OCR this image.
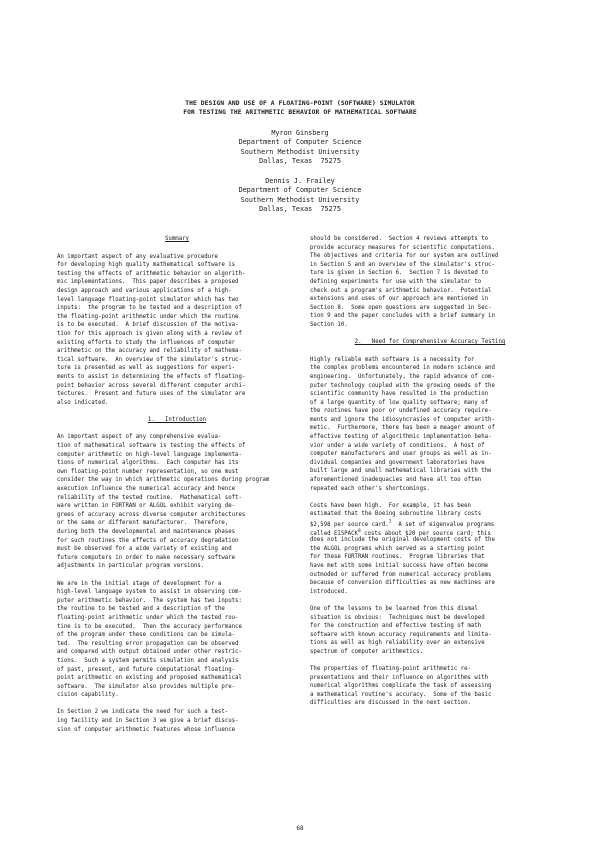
THE DESIGN AND USE OF A FLOATING-POINT (SOFTWARE) SIMULATOR
FOR TESTING THE ARITHMETIC BEHAVIOR OF MATHEMATICAL SOFTWARE
Myron Ginsberg
Department of Computer Science
Southern Methodist University
Dallas, Texas  75275
Dennis J. Frailey
Department of Computer Science
Southern Methodist University
Dallas, Texas  75275
Summary
An important aspect of any evaluative procedure
for developing high quality mathematical software is
testing the effects of arithmetic behavior on algorith-
mic implementations.  This paper describes a proposed
design approach and various applications of a high-
level language floating-point simulator which has two
inputs:  the program to be tested and a description of
the floating-point arithmetic under which the routine
is to be executed.  A brief discussion of the motiva-
tion for this approach is given along with a review of
existing efforts to study the influences of computer
arithmetic on the accuracy and reliability of mathema-
tical software.  An overview of the simulator's struc-
ture is presented as well as suggestions for experi-
ments to assist in determining the effects of floating-
point behavior across several different computer archi-
tectures.  Present and future uses of the simulator are
also indicated.
1.   Introduction
An important aspect of any comprehensive evalua-
tion of mathematical software is testing the effects of
computer arithmetic on high-level language implementa-
tions of numerical algorithms.  Each computer has its
own floating-point number representation, so one must
consider the way in which arithmetic operations during program
execution influence the numerical accuracy and hence
reliability of the tested routine.  Mathematical soft-
ware written in FORTRAN or ALGOL exhibit varying de-
grees of accuracy across diverse computer architectures
or the same or different manufacturer.  Therefore,
during both the developmental and maintenance phases
for such routines the effects of accuracy degradation
must be observed for a wide variety of existing and
future computers in order to make necessary software
adjustments in particular program versions.
We are in the initial stage of development for a
high-level language system to assist in observing com-
puter arithmetic behavior.  The system has two inputs:
the routine to be tested and a description of the
floating-point arithmetic under which the tested rou-
tine is to be executed.  Then the accuracy performance
of the program under these conditions can be simula-
ted.  The resulting error propagation can be observed
and compared with output obtained under other restric-
tions.  Such a system permits simulation and analysis
of past, present, and future computational floating-
point arithmetic on existing and proposed mathematical
software.  The simulator also provides multiple pre-
cision capability.
In Section 2 we indicate the need for such a test-
ing facility and in Section 3 we give a brief discus-
sion of computer arithmetic features whose influence
should be considered.  Section 4 reviews attempts to
provide accuracy measures for scientific computations.
The objectives and criteria for our system are outlined
in Section 5 and an overview of the simulator's struc-
ture is given in Section 6.  Section 7 is devoted to
defining experiments for use with the simulator to
check out a program's arithmetic behavior.  Potential
extensions and uses of our approach are mentioned in
Section 8.  Some open questions are suggested in Sec-
tion 9 and the paper concludes with a brief summary in
Section 10.
2.   Need for Comprehensive Accuracy Testing
Highly reliable math software is a necessity for
the complex problems encountered in modern science and
engineering.  Unfortunately, the rapid advance of com-
puter technology coupled with the growing needs of the
scientific community have resulted in the production
of a large quantity of low quality software; many of
the routines have poor or undefined accuracy require-
ments and ignore the idiosyncrasies of computer arith-
metic.  Furthermore, there has been a meager amount of
effective testing of algorithmic implementation beha-
vior under a wide variety of conditions.  A host of
computer manufacturers and user groups as well as in-
dividual companies and government laboratories have
built large and small mathematical libraries with the
aforementioned inadequacies and have all too often
repeated each other's shortcomings.
Costs have been high.  For example, it has been
estimated that the Boeing subroutine library costs
$2,598 per source card.$^7$  A set of eigenvalue programs
called EISPACK$^8$ costs about $20 per source card; this
does not include the original development costs of the
the ALGOL programs which served as a starting point
for these FORTRAN routines.  Program libraries that
have met with some initial success have often become
outmoded or suffered from numerical accuracy problems
because of conversion difficulties as new machines are
introduced.
One of the lessons to be learned from this dismal
situation is obvious:  Techniques must be developed
for the construction and effective testing of math
software with known accuracy requirements and limita-
tions as well as high reliability over an extensive
spectrum of computer arithmetics.
The properties of floating-point arithmetic re-
presentations and their influence on algorithms with
numerical algorithms complicate the task of assessing
a mathematical routine's accuracy.  Some of the basic
difficulties are discussed in the next section.
68
